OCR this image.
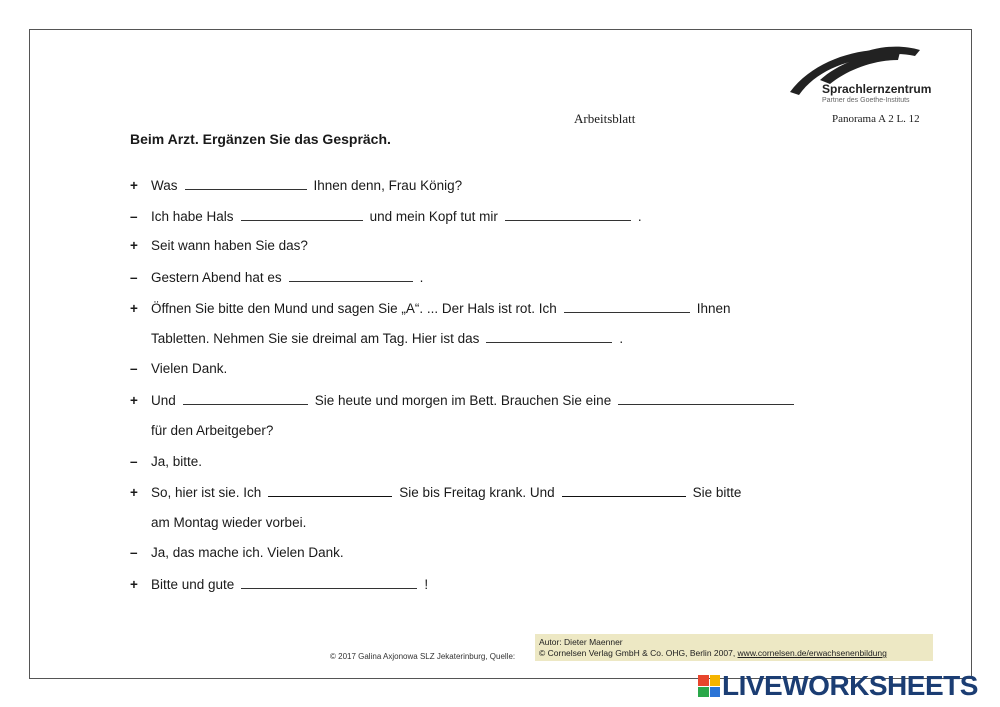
Sprachlernzentrum
Partner des Goethe-Instituts
Arbeitsblatt	Panorama A 2 L. 12
Beim Arzt. Ergänzen Sie das Gespräch.
+ Was	Ihnen denn, Frau König?
– Ich habe Hals	und mein Kopf tut mir	.
+ Seit wann haben Sie das?
– Gestern Abend hat es	.
+ Öffnen Sie bitte den Mund und sagen Sie „A“. ... Der Hals ist rot. Ich	Ihnen
Tabletten. Nehmen Sie sie dreimal am Tag. Hier ist das	.
– Vielen Dank.
+ Und	Sie heute und morgen im Bett. Brauchen Sie eine
für den Arbeitgeber?
– Ja, bitte.
+ So, hier ist sie. Ich	Sie bis Freitag krank. Und	Sie bitte
am Montag wieder vorbei.
– Ja, das mache ich. Vielen Dank.
+ Bitte und gute	!
© 2017 Galina Axjonowa SLZ Jekaterinburg, Quelle:
Autor: Dieter Maenner
© Cornelsen Verlag GmbH & Co. OHG, Berlin 2007, www.cornelsen.de/erwachsenenbildung
LIVEWORKSHEETS
